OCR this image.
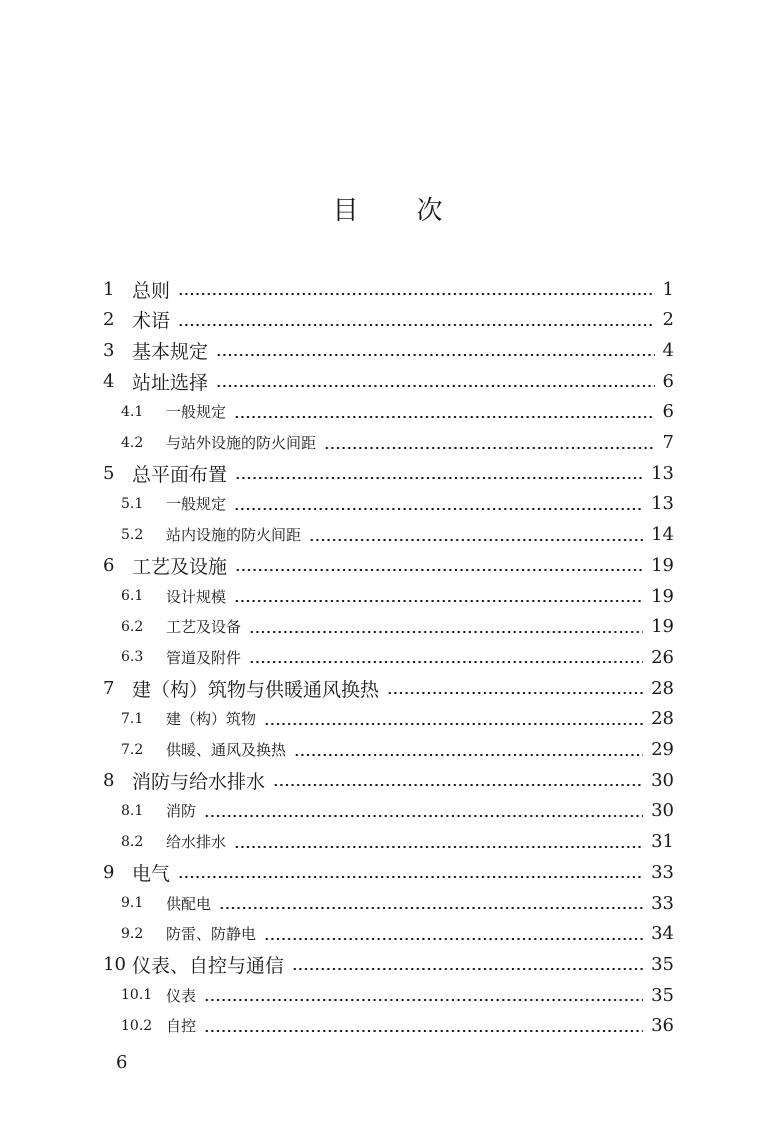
目 次
1 总则	1
2 术语	2
3 基本规定	4
4 站址选择	6
4.1 一般规定	6
4.2 与站外设施的防火间距	7
5 总平面布置	13
5.1 一般规定	13
5.2 站内设施的防火间距	14
6 工艺及设施	19
6.1 设计规模	19
6.2 工艺及设备	19
6.3 管道及附件	26
7 建（构）筑物与供暖通风换热	28
7.1 建（构）筑物	28
7.2 供暖、通风及换热	29
8 消防与给水排水	30
8.1 消防	30
8.2 给水排水	31
9 电气	33
9.1 供配电	33
9.2 防雷、防静电	34
10 仪表、自控与通信	35
10.1 仪表	35
10.2 自控	36
6
